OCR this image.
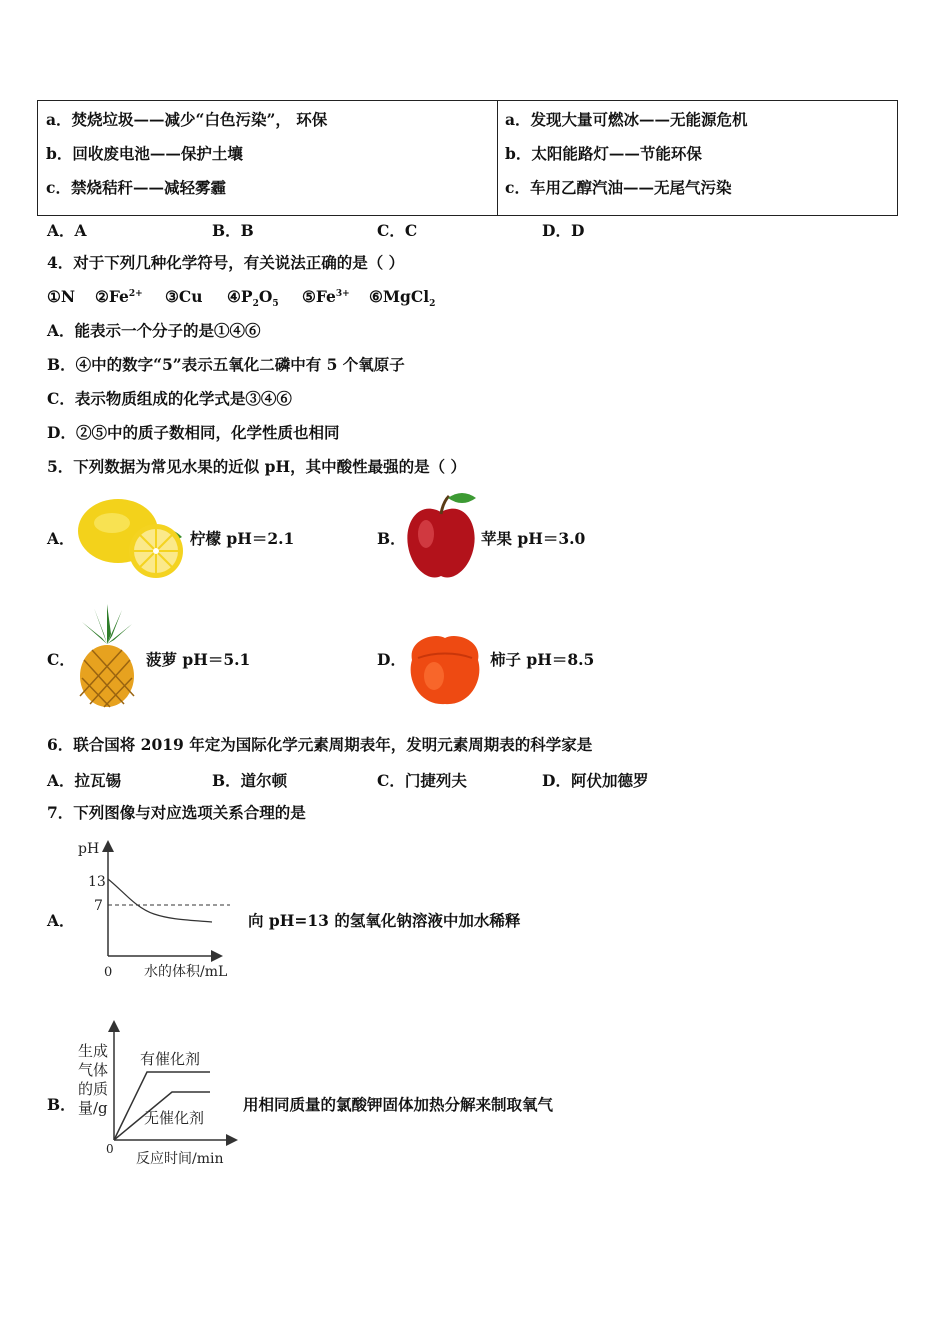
a．焚烧垃圾——减少“白色污染”， 环保
b．回收废电池——保护土壤
c．禁烧秸秆——减轻雾霾
a．发现大量可燃冰——无能源危机
b．太阳能路灯——节能环保
c．车用乙醇汽油——无尾气污染
A．A	B．B	C．C	D．D
4．对于下列几种化学符号，有关说法正确的是（ ）
①N $②Fe^{2+}$ ③Cu $④P_2O_5$ $⑤Fe^{3+}$ ⑥MgCl$_2$
A．能表示一个分子的是①④⑥
B．④中的数字“5”表示五氧化二磷中有 5 个氧原子
C．表示物质组成的化学式是③④⑥
D．②⑤中的质子数相同，化学性质也相同
5．下列数据为常见水果的近似 pH，其中酸性最强的是（ ）
A．	柠檬 pH＝2.1	B．	苹果 pH＝3.0
C．	菠萝 pH＝5.1	D．	柿子 pH＝8.5
6．联合国将 2019 年定为国际化学元素周期表年，发明元素周期表的科学家是
A．拉瓦锡	B．道尔顿	C．门捷列夫	D．阿伏加德罗
7．下列图像与对应选项关系合理的是
A．
pH
13
7
0 水的体积/mL
向 pH=13 的氢氧化钠溶液中加水稀释
B．
生成
气体
的质
量/g
有催化剂
无催化剂
0
反应时间/min
用相同质量的氯酸钾固体加热分解来制取氧气
